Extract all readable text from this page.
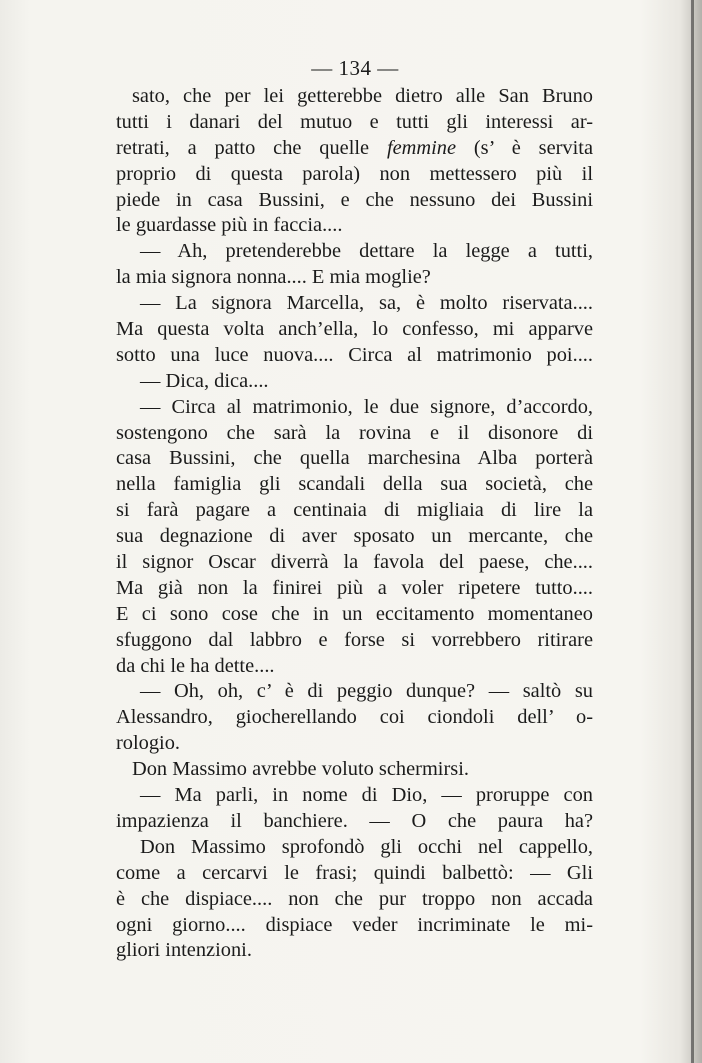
— 134 —
sato, che per lei getterebbe dietro alle San Bruno
tutti i danari del mutuo e tutti gli interessi ar-
retrati, a patto che quelle femmine (s’ è servita
proprio di questa parola) non mettessero più il
piede in casa Bussini, e che nessuno dei Bussini
le guardasse più in faccia....
— Ah, pretenderebbe dettare la legge a tutti,
la mia signora nonna.... E mia moglie?
— La signora Marcella, sa, è molto riservata....
Ma questa volta anch’ella, lo confesso, mi apparve
sotto una luce nuova.... Circa al matrimonio poi....
— Dica, dica....
— Circa al matrimonio, le due signore, d’accordo,
sostengono che sarà la rovina e il disonore di
casa Bussini, che quella marchesina Alba porterà
nella famiglia gli scandali della sua società, che
si farà pagare a centinaia di migliaia di lire la
sua degnazione di aver sposato un mercante, che
il signor Oscar diverrà la favola del paese, che....
Ma già non la finirei più a voler ripetere tutto....
E ci sono cose che in un eccitamento momentaneo
sfuggono dal labbro e forse si vorrebbero ritirare
da chi le ha dette....
— Oh, oh, c’ è di peggio dunque? — saltò su
Alessandro, giocherellando coi ciondoli dell’ o-
rologio.
Don Massimo avrebbe voluto schermirsi.
— Ma parli, in nome di Dio, — proruppe con
impazienza il banchiere. — O che paura ha?
Don Massimo sprofondò gli occhi nel cappello,
come a cercarvi le frasi; quindi balbettò: — Gli
è che dispiace.... non che pur troppo non accada
ogni giorno.... dispiace veder incriminate le mi-
gliori intenzioni.
